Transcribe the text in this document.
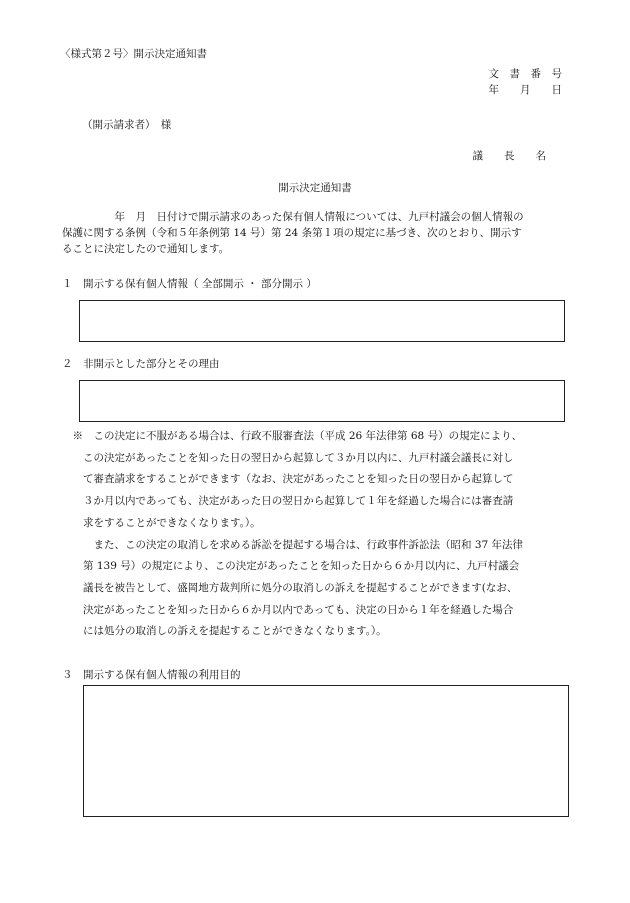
〈様式第２号〉開示決定通知書
文　書　番　号
年　　月　　日
（開示請求者）　様
議　　長　　名
開示決定通知書
　　　　　年　月　日付けで開示請求のあった保有個人情報については、九戸村議会の個人情報の
保護に関する条例（令和５年条例第 14 号）第 24 条第１項の規定に基づき、次のとおり、開示す
ることに決定したので通知します。
１　開示する保有個人情報（ 全部開示 ・ 部分開示 ）
２　非開示とした部分とその理由
　※　この決定に不服がある場合は、行政不服審査法（平成 26 年法律第 68 号）の規定により、
　　この決定があったことを知った日の翌日から起算して３か月以内に、九戸村議会議長に対し
　　て審査請求をすることができます（なお、決定があったことを知った日の翌日から起算して
　　３か月以内であっても、決定があった日の翌日から起算して１年を経過した場合には審査請
　　求をすることができなくなります。）。
　　　また、この決定の取消しを求める訴訟を提起する場合は、行政事件訴訟法（昭和 37 年法律
　　第 139 号）の規定により、この決定があったことを知った日から６か月以内に、九戸村議会
　　議長を被告として、盛岡地方裁判所に処分の取消しの訴えを提起することができます(なお、
　　決定があったことを知った日から６か月以内であっても、決定の日から１年を経過した場合
　　には処分の取消しの訴えを提起することができなくなります。）。
３　開示する保有個人情報の利用目的
